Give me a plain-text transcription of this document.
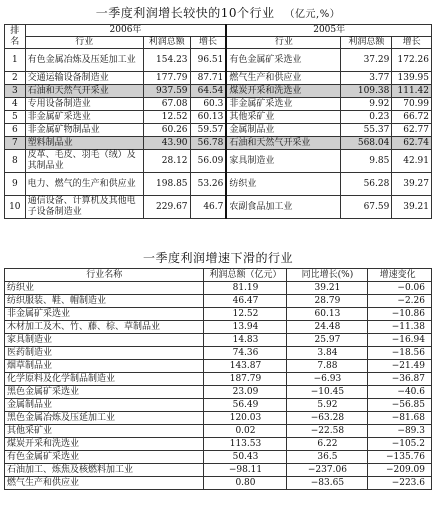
一季度利润增长较快的10个行业 （亿元,%）
排名	2006年			2005年		
	行业	利润总额	增长	行业	利润总额	增长
1	有色金属冶炼及压延加工业	154.23	96.51	有色金属矿采选业	37.29	172.26
2	交通运输设备制造业	177.79	87.71	燃气生产和供应业	3.77	139.95
3	石油和天然气开采业	937.59	64.54	煤炭开采和洗选业	109.38	111.42
4	专用设备制造业	67.08	60.3	非金属矿采选业	9.92	70.99
5	非金属矿采选业	12.52	60.13	其他采矿业	0.23	66.72
6	非金属矿物制品业	60.26	59.57	金属制品业	55.37	62.77
7	塑料制品业	43.90	56.78	石油和天然气开采业	568.04	62.74
8	皮革、毛皮、羽毛（绒）及其制品业	28.12	56.09	家具制造业	9.85	42.91
9	电力、燃气的生产和供应业	198.85	53.26	纺织业	56.28	39.27
10	通信设备、计算机及其他电子设备制造业	229.67	46.7	农副食品加工业	67.59	39.21
一季度利润增速下滑的行业
行业名称	利润总额（亿元）	同比增长(%)	增速变化
纺织业	81.19	39.21	−0.06
纺织服装、鞋、帽制造业	46.47	28.79	−2.26
非金属矿采选业	12.52	60.13	−10.86
木材加工及木、竹、藤、棕、草制品业	13.94	24.48	−11.38
家具制造业	14.83	25.97	−16.94
医药制造业	74.36	3.84	−18.56
烟草制品业	143.87	7.88	−21.49
化学原料及化学制品制造业	187.79	−6.93	−36.87
黑色金属矿采选业	23.09	−10.45	−40.6
金属制品业	56.49	5.92	−56.85
黑色金属冶炼及压延加工业	120.03	−63.28	−81.68
其他采矿业	0.02	−22.58	−89.3
煤炭开采和洗选业	113.53	6.22	−105.2
有色金属矿采选业	50.43	36.5	−135.76
石油加工、炼焦及核燃料加工业	−98.11	−237.06	−209.09
燃气生产和供应业	0.80	−83.65	−223.6
